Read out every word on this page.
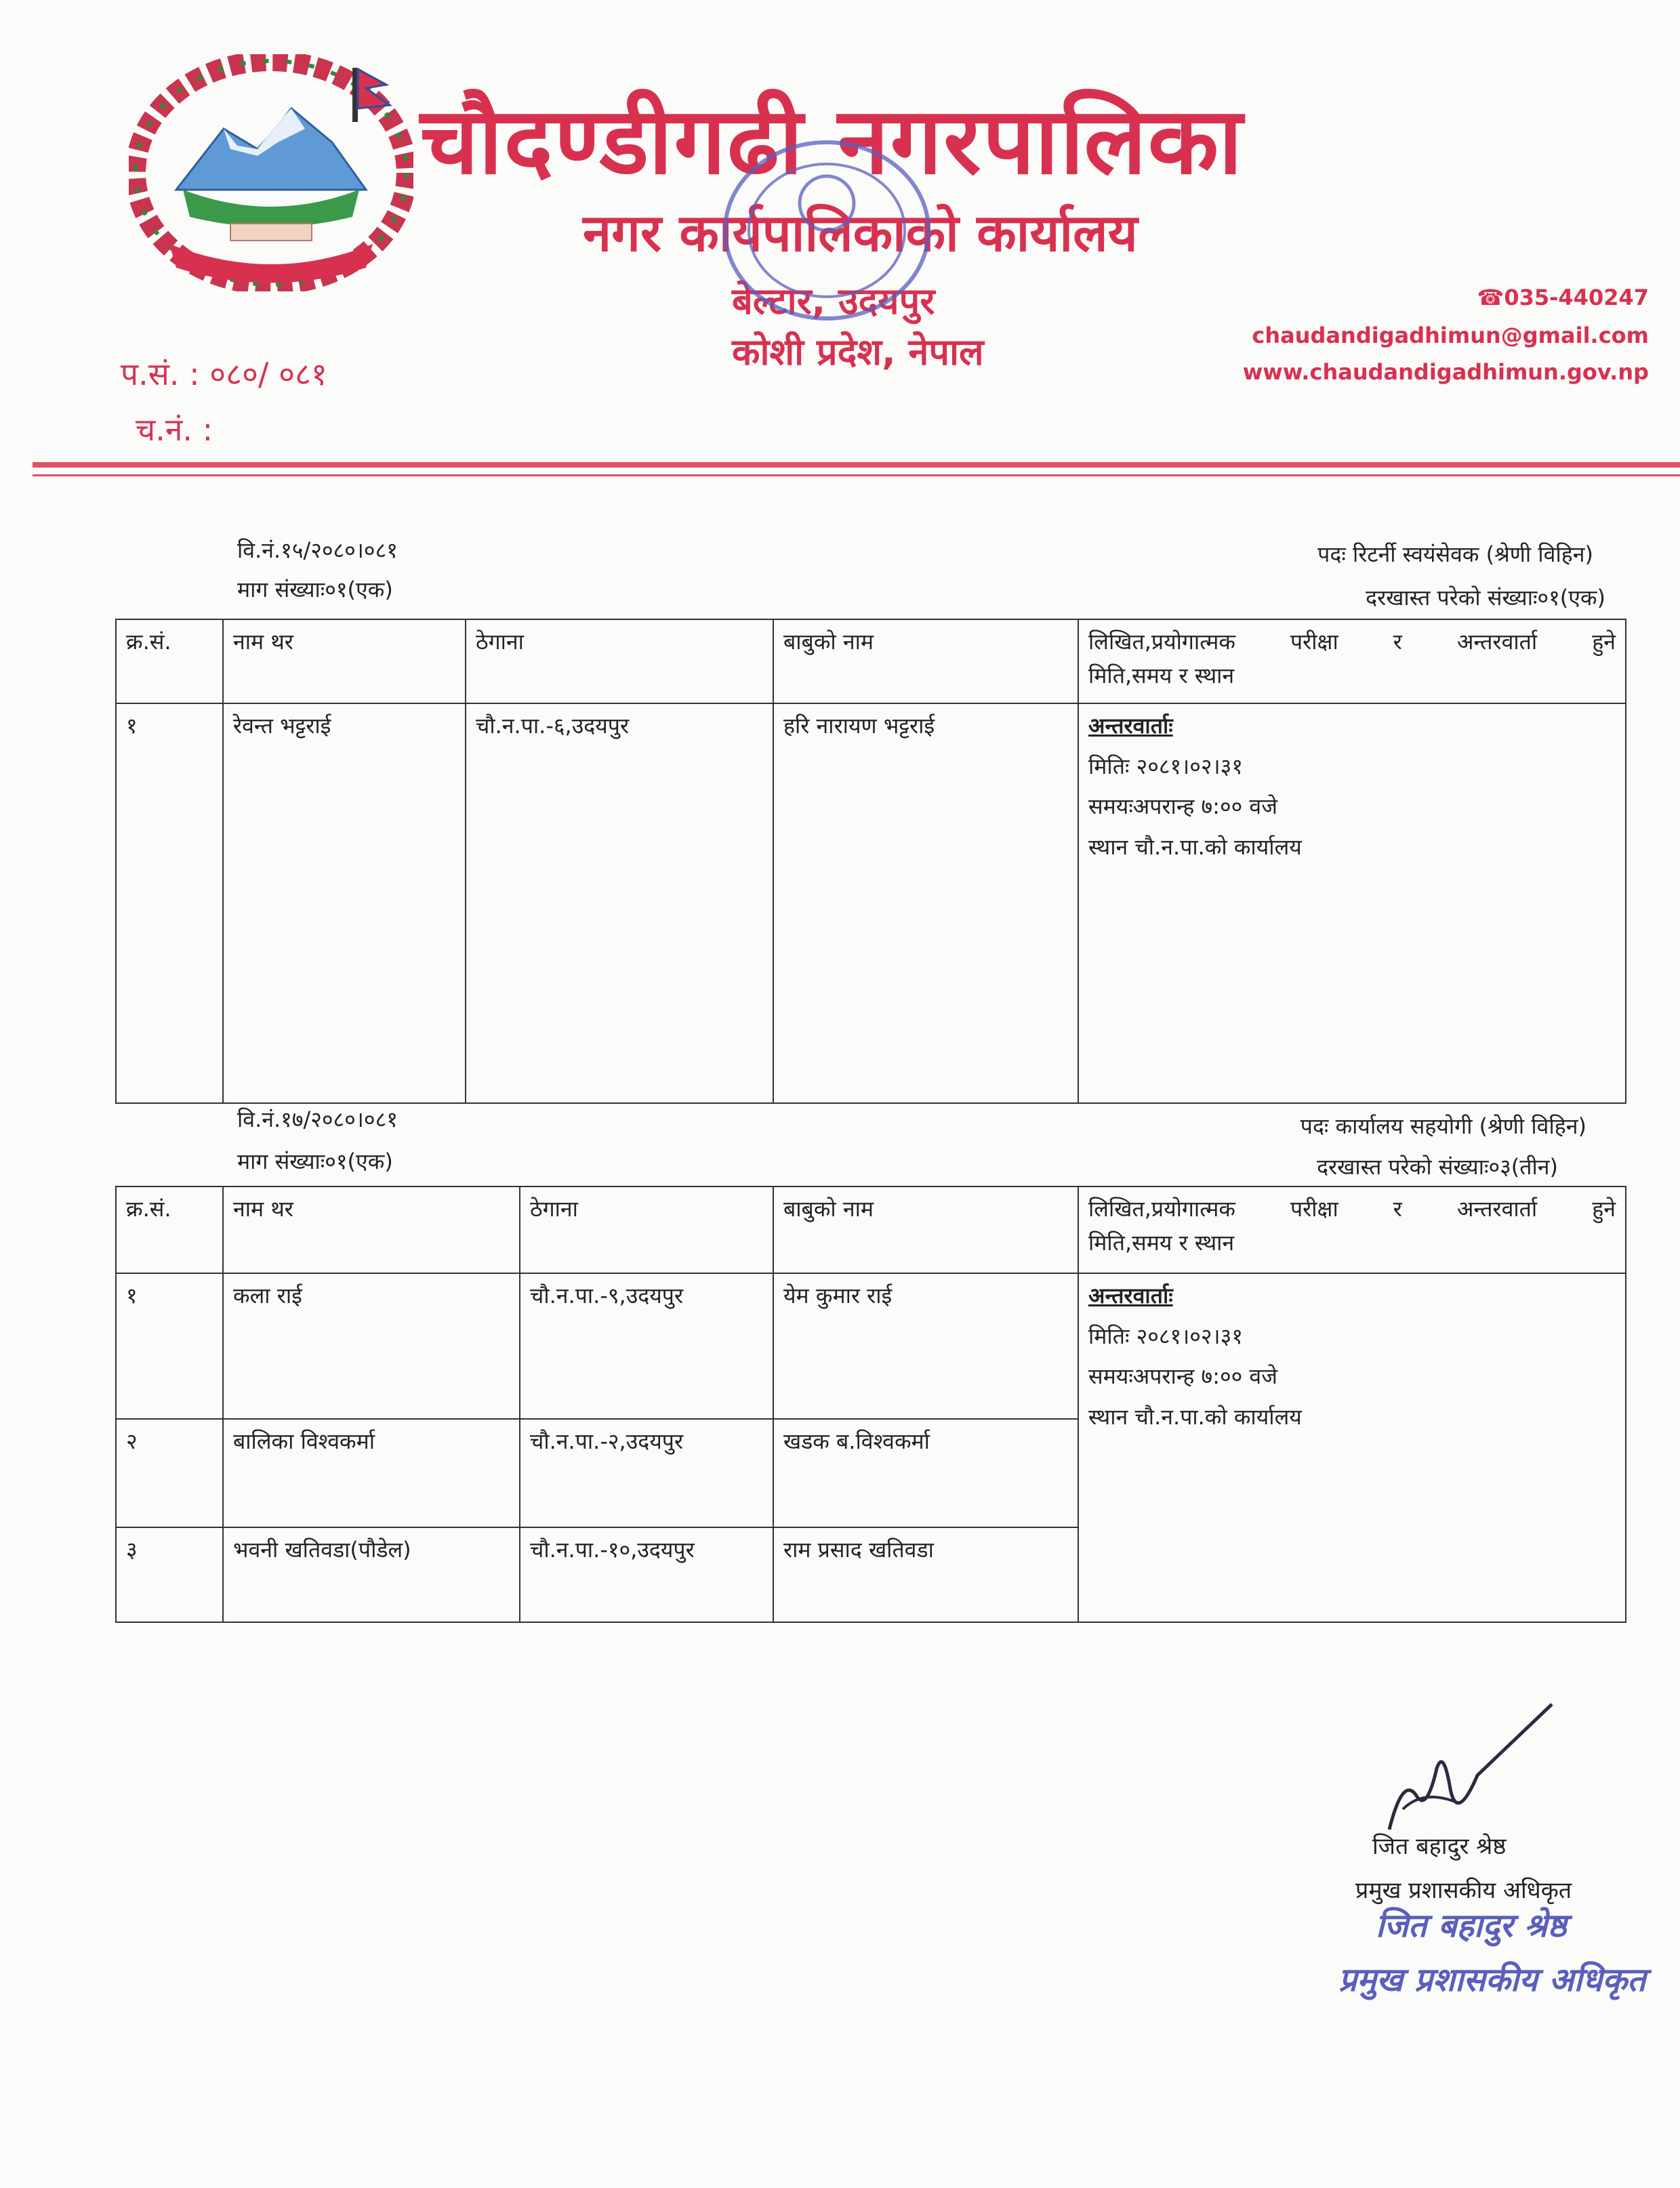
चौदण्डीगढी नगरपालिका
नगर कार्यपालिकाको कार्यालय
बेल्टार, उदयपुर
कोशी प्रदेश, नेपाल
☎035-440247
chaudandigadhimun@gmail.com
www.chaudandigadhimun.gov.np
प.सं. : ०८०/ ०८१
च.नं. :
वि.नं.१५/२०८०।०८१	पदः रिटर्नी स्वयंसेवक (श्रेणी विहिन)
माग संख्याः०१(एक)	दरखास्त परेको संख्याः०१(एक)
क्र.सं.	नाम थर	ठेगाना	बाबुको नाम	लिखित,प्रयोगात्मक परीक्षा र अन्तरवार्ता हुने
मिति,समय र स्थान

१	रेवन्त भट्टराई	चौ.न.पा.-६,उदयपुर	हरि नारायण भट्टराई	अन्तरवार्ताः
मितिः २०८१।०२।३१
समयःअपरान्ह ७:०० वजे
स्थान चौ.न.पा.को कार्यालय
वि.नं.१७/२०८०।०८१	पदः कार्यालय सहयोगी (श्रेणी विहिन)
माग संख्याः०१(एक)	दरखास्त परेको संख्याः०३(तीन)
क्र.सं.	नाम थर	ठेगाना	बाबुको नाम	लिखित,प्रयोगात्मक परीक्षा र अन्तरवार्ता हुने
मिति,समय र स्थान

१	कला राई	चौ.न.पा.-९,उदयपुर	येम कुमार राई	अन्तरवार्ताः
मितिः २०८१।०२।३१
समयःअपरान्ह ७:०० वजे
स्थान चौ.न.पा.को कार्यालय

२	बालिका विश्वकर्मा	चौ.न.पा.-२,उदयपुर	खडक ब.विश्वकर्मा	
३	भवनी खतिवडा(पौडेल)	चौ.न.पा.-१०,उदयपुर	राम प्रसाद खतिवडा	
जित बहादुर श्रेष्ठ
प्रमुख प्रशासकीय अधिकृत
जित बहादुर श्रेष्ठ
प्रमुख प्रशासकीय अधिकृत
